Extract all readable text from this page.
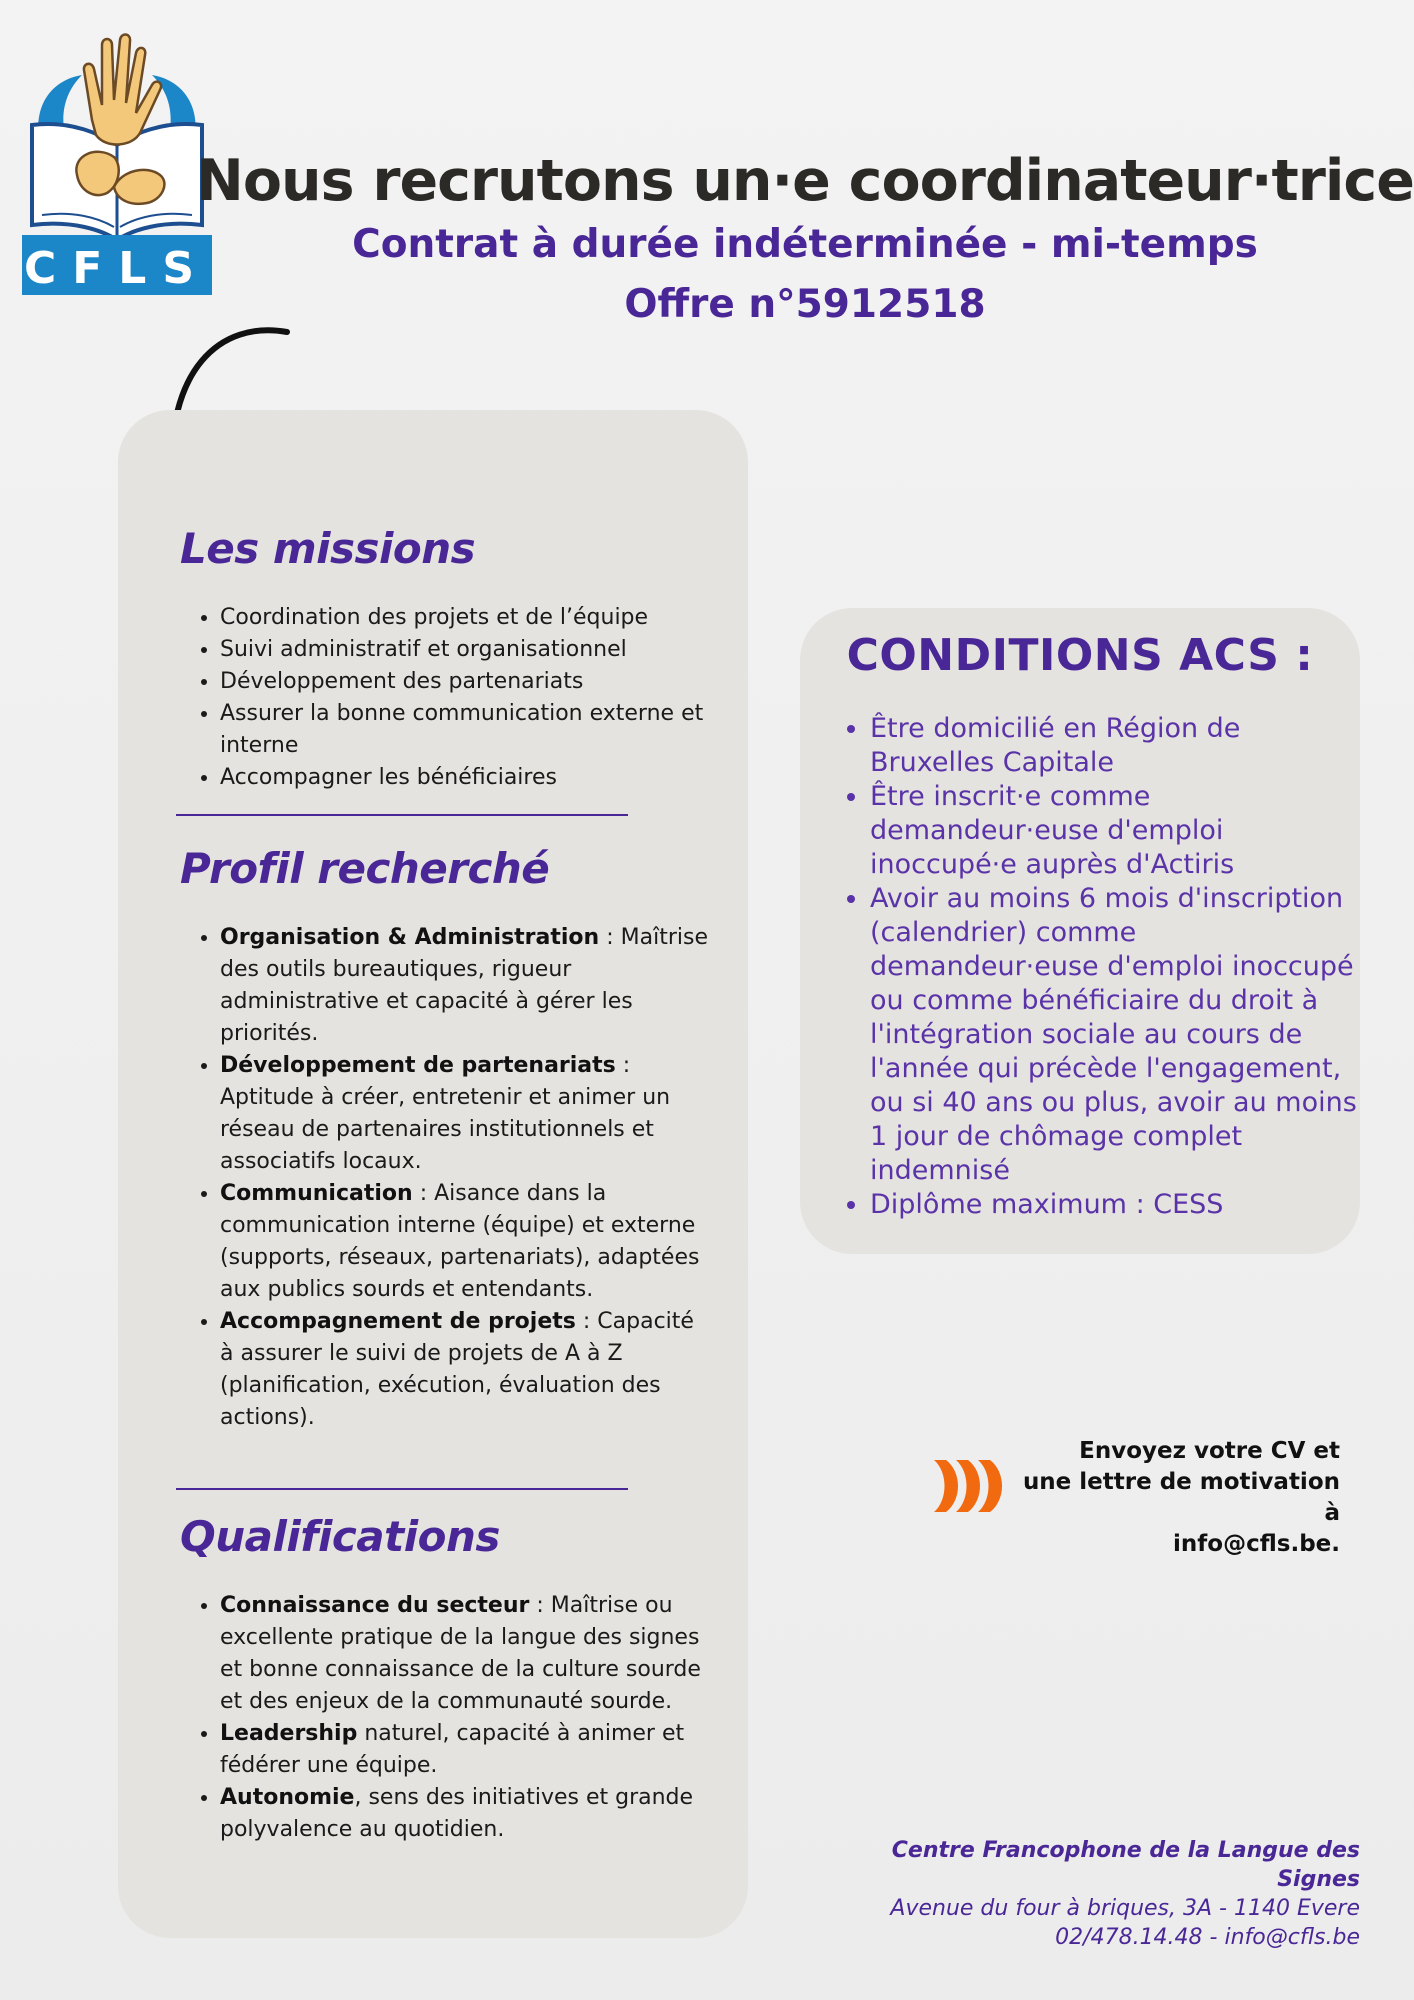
CFLS
Nous recrutons un·e coordinateur·trice
Contrat à durée indéterminée - mi-temps
Offre n°5912518
Les missions
• Coordination des projets et de l’équipe
• Suivi administratif et organisationnel
• Développement des partenariats
• Assurer la bonne communication externe et interne
• Accompagner les bénéficiaires
Profil recherché
• Organisation & Administration : Maîtrise des outils bureautiques, rigueur administrative et capacité à gérer les priorités.
• Développement de partenariats : Aptitude à créer, entretenir et animer un réseau de partenaires institutionnels et associatifs locaux.
• Communication : Aisance dans la communication interne (équipe) et externe (supports, réseaux, partenariats), adaptées aux publics sourds et entendants.
• Accompagnement de projets : Capacité à assurer le suivi de projets de A à Z (planification, exécution, évaluation des actions).
Qualifications
• Connaissance du secteur : Maîtrise ou excellente pratique de la langue des signes et bonne connaissance de la culture sourde et des enjeux de la communauté sourde.
• Leadership naturel, capacité à animer et fédérer une équipe.
• Autonomie, sens des initiatives et grande polyvalence au quotidien.
CONDITIONS ACS :
• Être domicilié en Région de Bruxelles Capitale
• Être inscrit·e comme demandeur·euse d'emploi inoccupé·e auprès d'Actiris
• Avoir au moins 6 mois d'inscription (calendrier) comme demandeur·euse d'emploi inoccupé ou comme bénéficiaire du droit à l'intégration sociale au cours de l'année qui précède l'engagement, ou si 40 ans ou plus, avoir au moins 1 jour de chômage complet indemnisé
• Diplôme maximum : CESS

Envoyez votre CV et
une lettre de motivation à
info@cfls.be.

Centre Francophone de la Langue des Signes
Avenue du four à briques, 3A - 1140 Evere
02/478.14.48 - info@cfls.be
